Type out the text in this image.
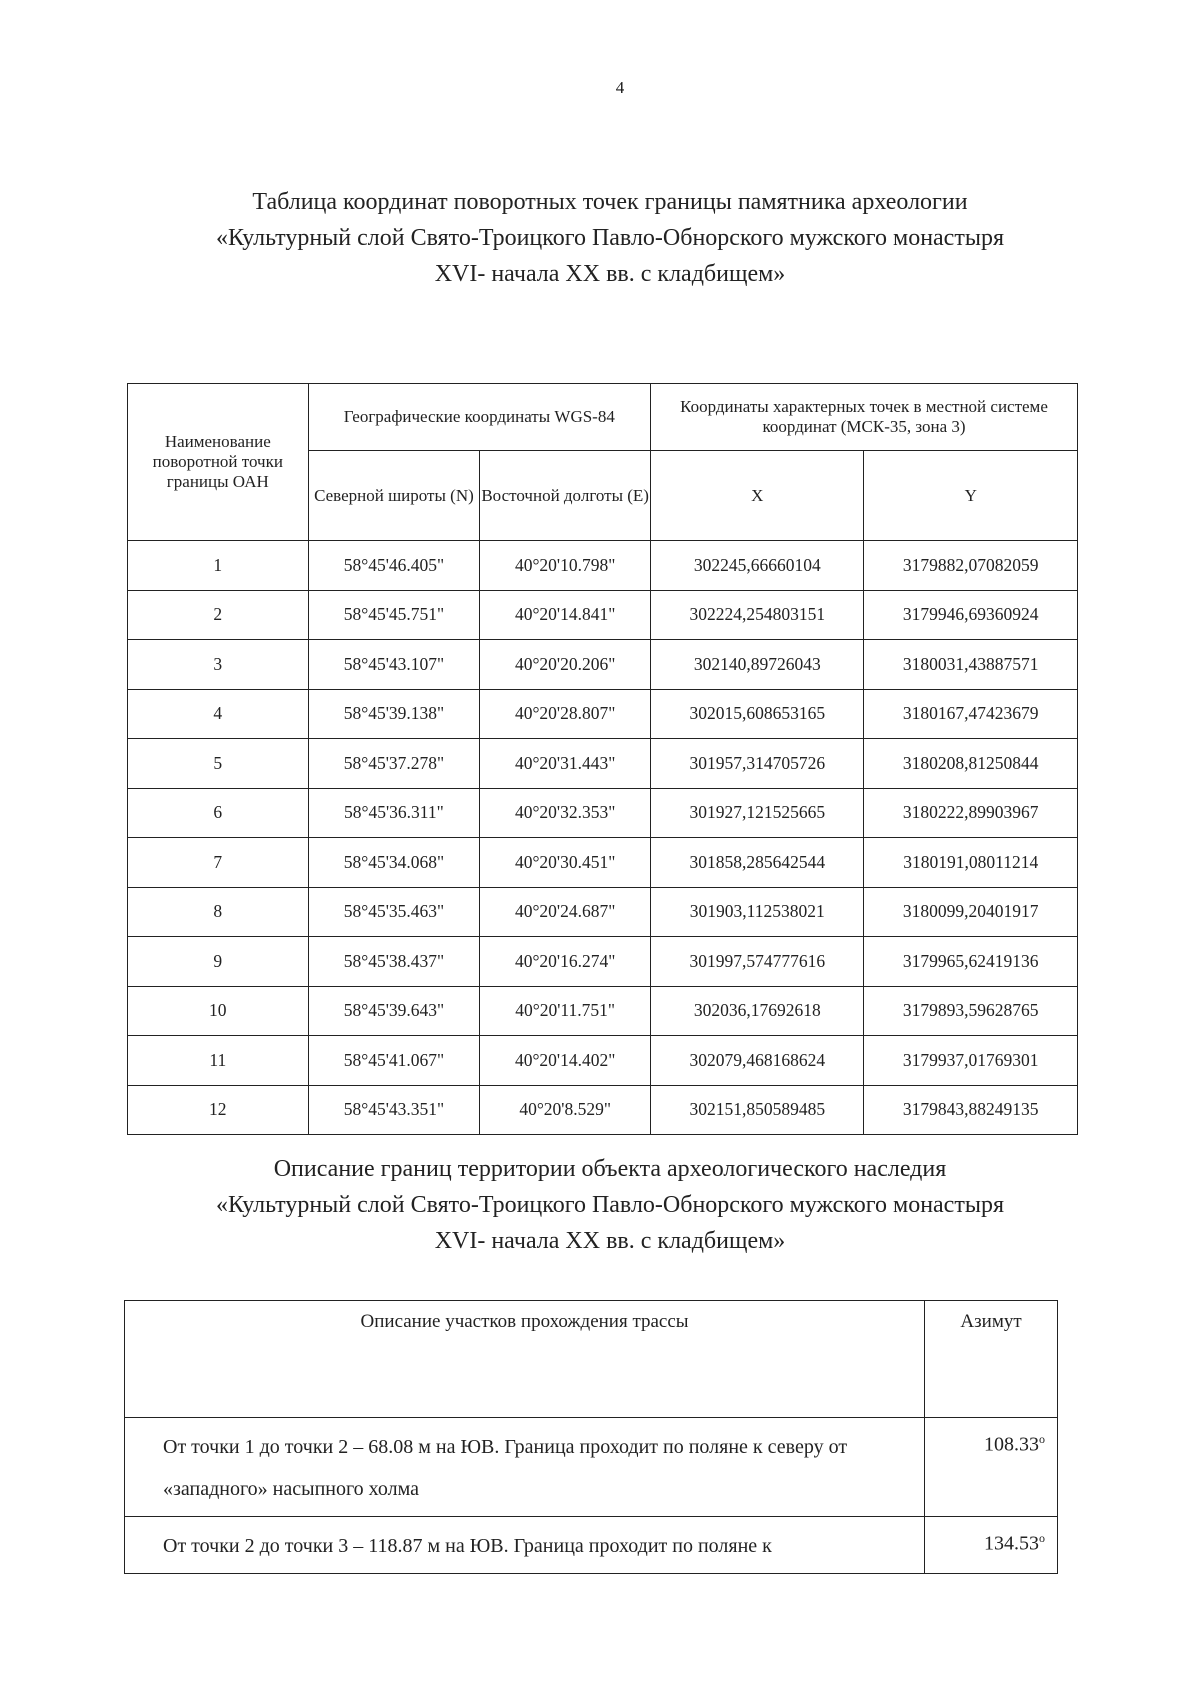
4
Таблица координат поворотных точек границы памятника археологии
«Культурный слой Свято-Троицкого Павло-Обнорского мужского монастыря
XVI- начала XX вв. с кладбищем»
Наименование поворотной точки границы ОАН	Географические координаты WGS-84		Координаты характерных точек в местной системе координат (МСК-35, зона 3)	
	Северной широты (N)	Восточной долготы (E)	X	Y
1	58°45'46.405"	40°20'10.798"	302245,66660104	3179882,07082059
2	58°45'45.751"	40°20'14.841"	302224,254803151	3179946,69360924
3	58°45'43.107"	40°20'20.206"	302140,89726043	3180031,43887571
4	58°45'39.138"	40°20'28.807"	302015,608653165	3180167,47423679
5	58°45'37.278"	40°20'31.443"	301957,314705726	3180208,81250844
6	58°45'36.311"	40°20'32.353"	301927,121525665	3180222,89903967
7	58°45'34.068"	40°20'30.451"	301858,285642544	3180191,08011214
8	58°45'35.463"	40°20'24.687"	301903,112538021	3180099,20401917
9	58°45'38.437"	40°20'16.274"	301997,574777616	3179965,62419136
10	58°45'39.643"	40°20'11.751"	302036,17692618	3179893,59628765
11	58°45'41.067"	40°20'14.402"	302079,468168624	3179937,01769301
12	58°45'43.351"	40°20'8.529"	302151,850589485	3179843,88249135
Описание границ территории объекта археологического наследия
«Культурный слой Свято-Троицкого Павло-Обнорского мужского монастыря
XVI- начала XX вв. с кладбищем»
Описание участков прохождения трассы	Азимут
От точки 1 до точки 2 – 68.08 м на ЮВ. Граница проходит по поляне к северу от «западного» насыпного холма	$108.33^о$
От точки 2 до точки 3 – 118.87 м на ЮВ. Граница проходит по поляне к	$134.53^о$
